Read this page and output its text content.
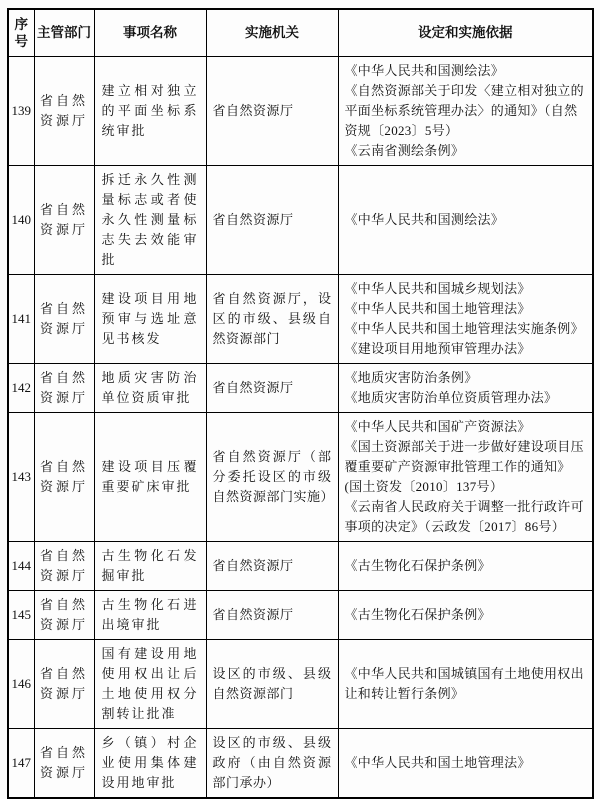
序号	主管部门	事项名称	实施机关	设定和实施依据
139	省自然资源厅	建立相对独立的平面坐标系统审批	省自然资源厅	《中华人民共和国测绘法》
《自然资源部关于印发〈建立相对独立的平面坐标系统管理办法〉的通知》（自然资规〔2023〕5号）
《云南省测绘条例》

140	省自然资源厅	拆迁永久性测量标志或者使永久性测量标志失去效能审批	省自然资源厅	《中华人民共和国测绘法》

141	省自然资源厅	建设项目用地预审与选址意见书核发	省自然资源厅，设区的市级、县级自然资源部门	《中华人民共和国城乡规划法》
《中华人民共和国土地管理法》
《中华人民共和国土地管理法实施条例》
《建设项目用地预审管理办法》

142	省自然资源厅	地质灾害防治单位资质审批	省自然资源厅	《地质灾害防治条例》
《地质灾害防治单位资质管理办法》

143	省自然资源厅	建设项目压覆重要矿床审批	省自然资源厅（部分委托设区的市级自然资源部门实施）	《中华人民共和国矿产资源法》
《国土资源部关于进一步做好建设项目压覆重要矿产资源审批管理工作的通知》(国土资发〔2010〕137号）
《云南省人民政府关于调整一批行政许可事项的决定》（云政发〔2017〕86号）

144	省自然资源厅	古生物化石发掘审批	省自然资源厅	《古生物化石保护条例》

145	省自然资源厅	古生物化石进出境审批	省自然资源厅	《古生物化石保护条例》

146	省自然资源厅	国有建设用地使用权出让后土地使用权分割转让批准	设区的市级、县级自然资源部门	《中华人民共和国城镇国有土地使用权出让和转让暂行条例》

147	省自然资源厅	乡（镇）村企业使用集体建设用地审批	设区的市级、县级政府（由自然资源部门承办）	《中华人民共和国土地管理法》
